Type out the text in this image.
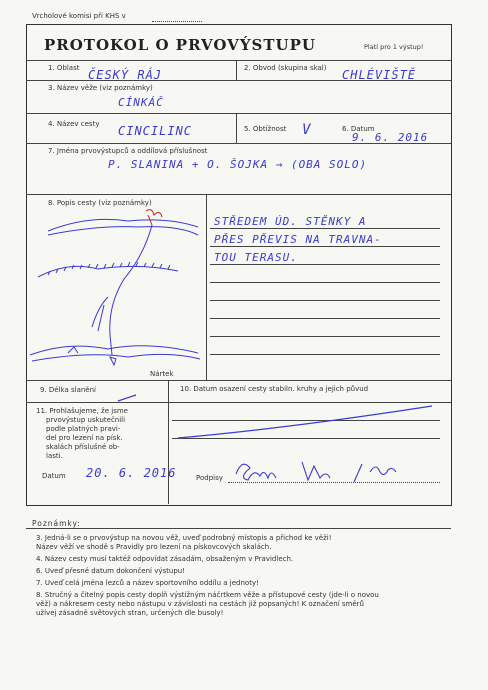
Vrcholové komisi při KHS v
PROTOKOL O PRVOVÝSTUPU	Platí pro 1 výstup!
1. Oblast ČESKÝ RÁJ	2. Obvod (skupina skal) CHLÉVIŠTĚ
3. Název věže (viz poznámky)
CÍNKÁČ
4. Název cesty CINCILINC	5. Obtížnost V	6. Datum
9. 6. 2016
7. Jména prvovýstupců a oddílová příslušnost
P. SLANINA + O. ŠOJKA → (OBA SOLO)
8. Popis cesty (viz poznámky)
STŘEDEM ÚD. STĚNKY A
PŘES PŘEVIS NA TRAVNA-
TOU TERASU.
Nártek
9. Délka slanění	10. Datum osazení cesty stabiln. kruhy a jejich půvud
11. Prohlašujeme, že jsme
prvovýstup uskutečnili
podle platných pravi-
del pro lezení na písk.
skalách příslušné ob-
lasti.
Datum 20. 6. 2016	Podpisy
Poznámky:
3. Jedná-li se o prvovýstup na novou věž, uveď podrobný místopis a přichod ke věži!
Název věží ve shodě s Pravidly pro lezení na pískovcových skalách.
4. Název cesty musí taktéž odpovídat zásadám, obsaženým v Pravidlech.
6. Uveď přesné datum dokončení výstupu!
7. Uveď celá jména lezců a název sportovního oddílu a jednoty!
8. Stručný a čitelný popis cesty doplň výstižným náčrtkem věže a přístupové cesty (jde-li o novou
věž) a nákresem cesty nebo nástupu v závislosti na cestách již popsaných! K označení směrů
užívej zásadně světových stran, určených dle busoly!
